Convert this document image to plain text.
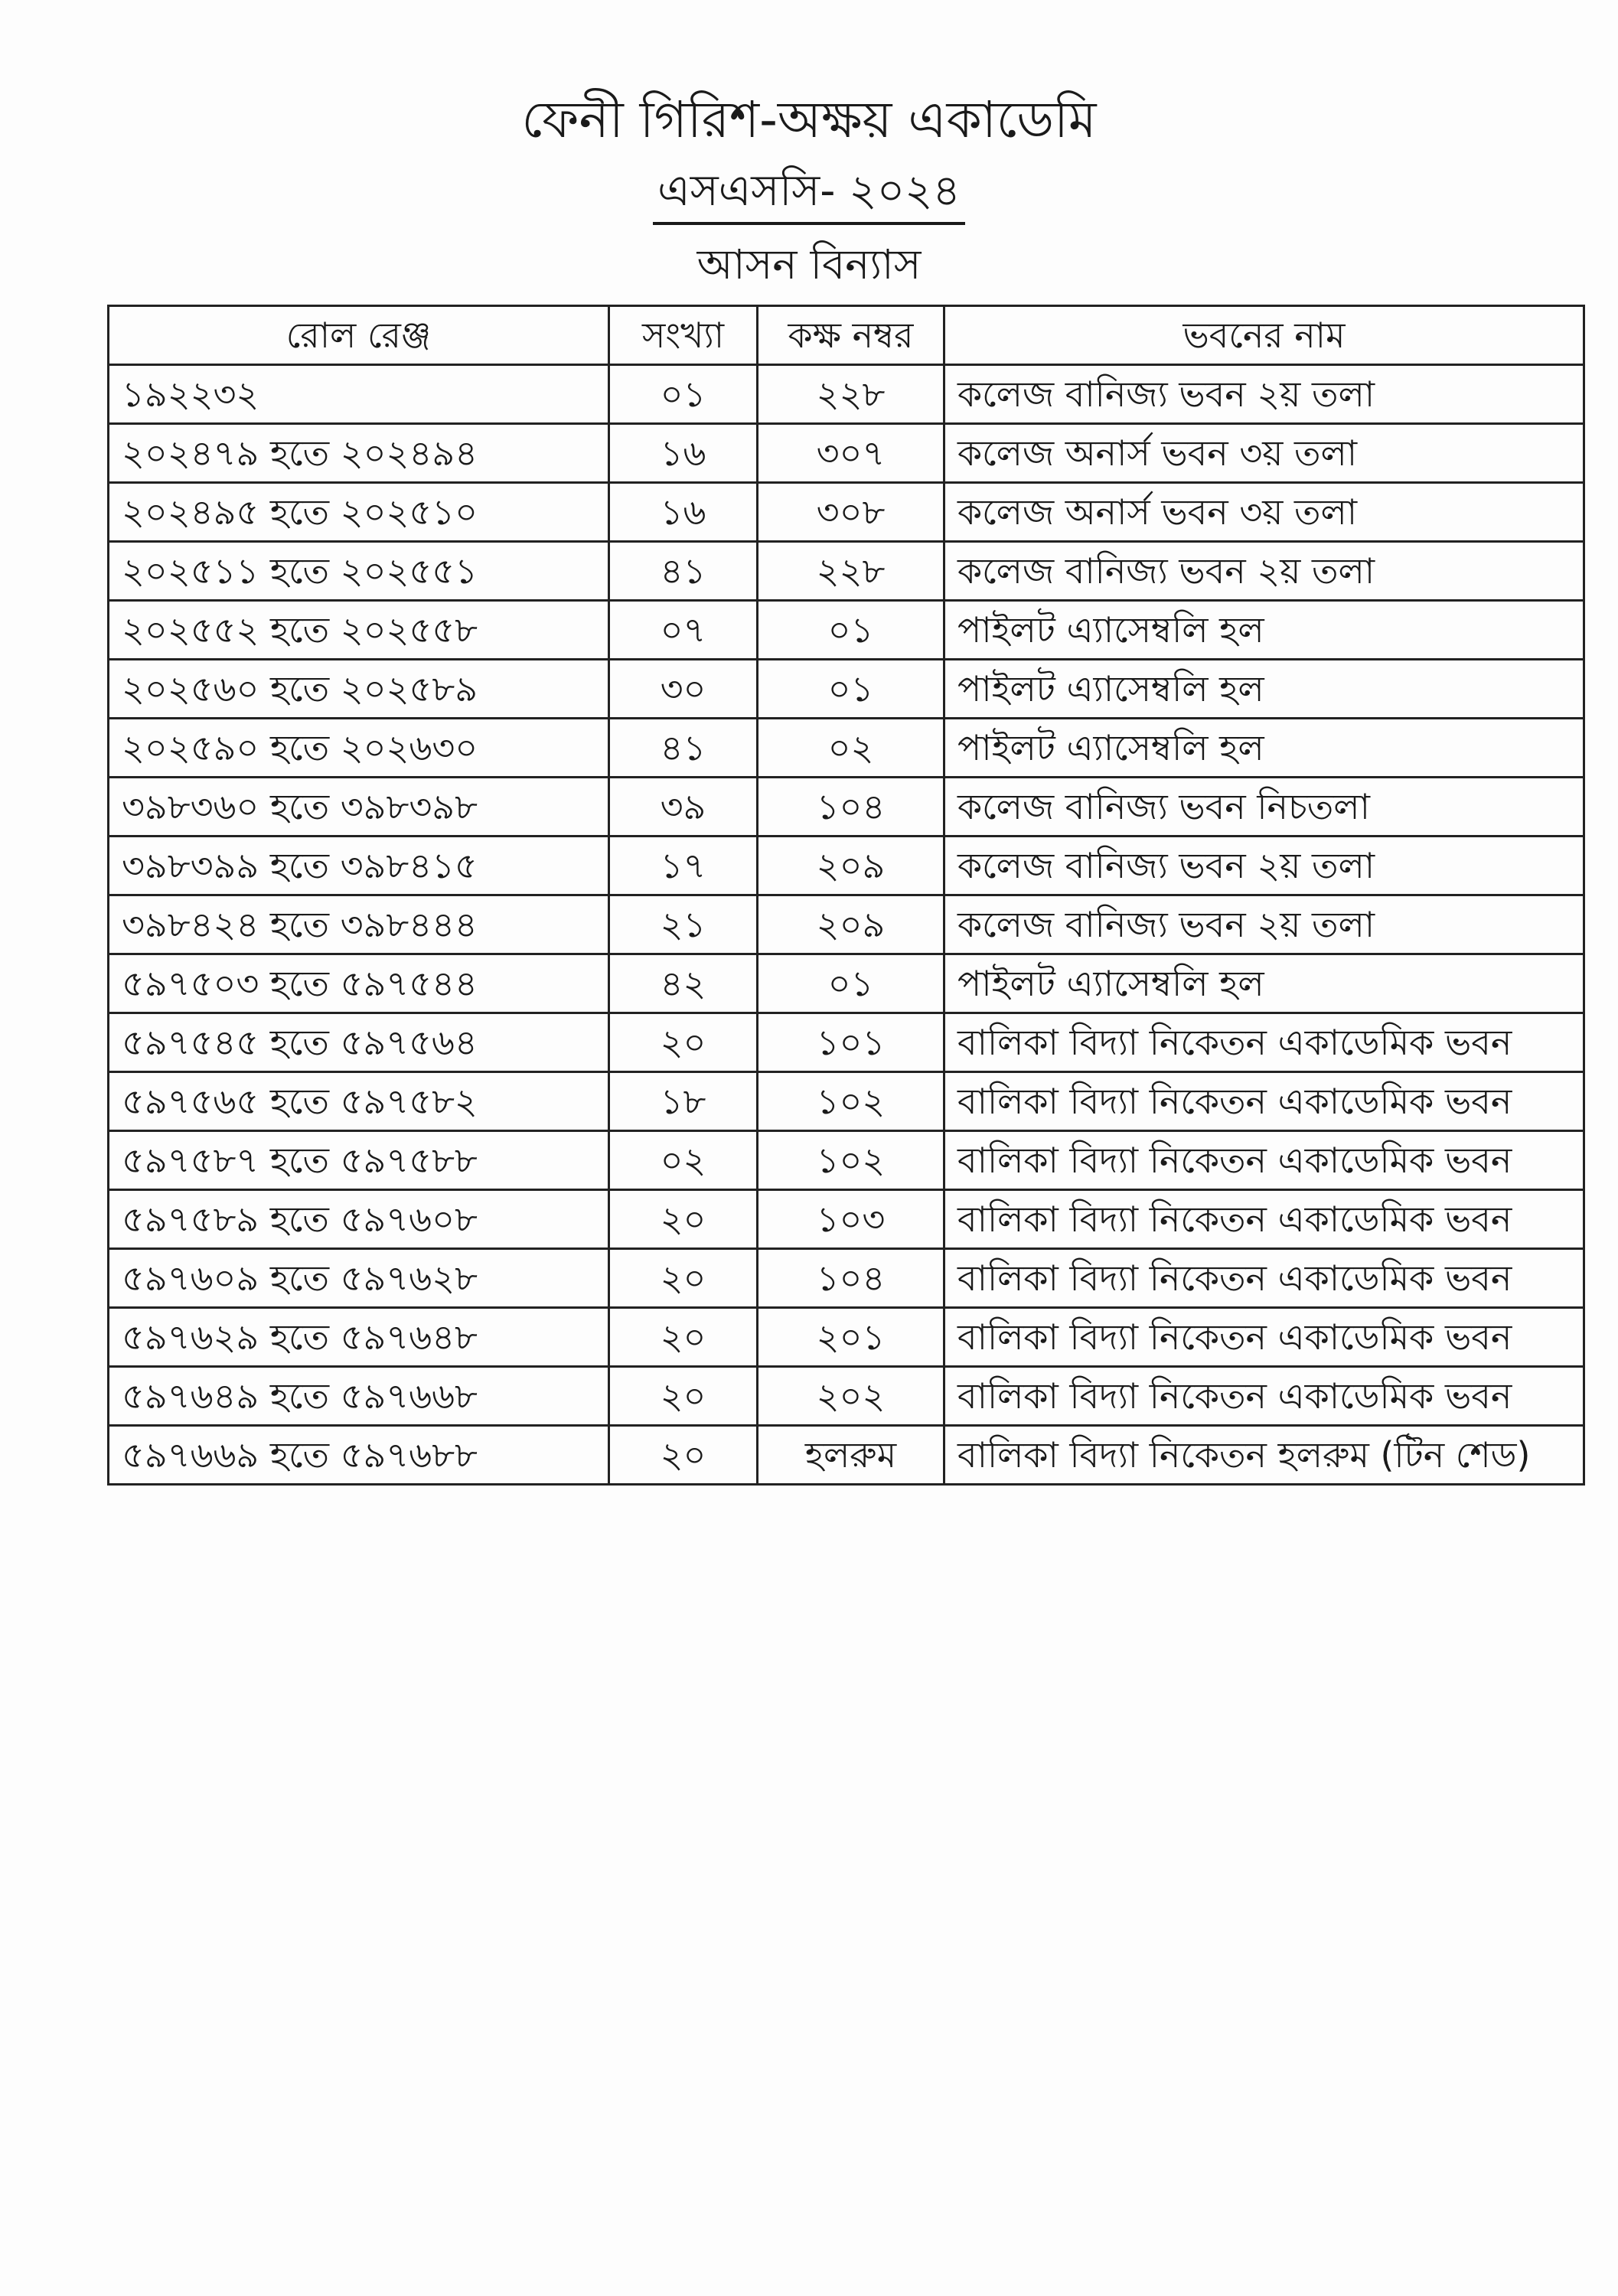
ফেনী গিরিশ-অক্ষয় একাডেমি
এসএসসি- ২০২৪
আসন বিন্যাস
রোল রেঞ্জ	সংখ্যা	কক্ষ নম্বর	ভবনের নাম
১৯২২৩২	০১	২২৮	কলেজ বানিজ্য ভবন ২য় তলা
২০২৪৭৯ হতে ২০২৪৯৪	১৬	৩০৭	কলেজ অনার্স ভবন ৩য় তলা
২০২৪৯৫ হতে ২০২৫১০	১৬	৩০৮	কলেজ অনার্স ভবন ৩য় তলা
২০২৫১১ হতে ২০২৫৫১	৪১	২২৮	কলেজ বানিজ্য ভবন ২য় তলা
২০২৫৫২ হতে ২০২৫৫৮	০৭	০১	পাইলট এ্যাসেম্বলি হল
২০২৫৬০ হতে ২০২৫৮৯	৩০	০১	পাইলট এ্যাসেম্বলি হল
২০২৫৯০ হতে ২০২৬৩০	৪১	০২	পাইলট এ্যাসেম্বলি হল
৩৯৮৩৬০ হতে ৩৯৮৩৯৮	৩৯	১০৪	কলেজ বানিজ্য ভবন নিচতলা
৩৯৮৩৯৯ হতে ৩৯৮৪১৫	১৭	২০৯	কলেজ বানিজ্য ভবন ২য় তলা
৩৯৮৪২৪ হতে ৩৯৮৪৪৪	২১	২০৯	কলেজ বানিজ্য ভবন ২য় তলা
৫৯৭৫০৩ হতে ৫৯৭৫৪৪	৪২	০১	পাইলট এ্যাসেম্বলি হল
৫৯৭৫৪৫ হতে ৫৯৭৫৬৪	২০	১০১	বালিকা বিদ্যা নিকেতন একাডেমিক ভবন
৫৯৭৫৬৫ হতে ৫৯৭৫৮২	১৮	১০২	বালিকা বিদ্যা নিকেতন একাডেমিক ভবন
৫৯৭৫৮৭ হতে ৫৯৭৫৮৮	০২	১০২	বালিকা বিদ্যা নিকেতন একাডেমিক ভবন
৫৯৭৫৮৯ হতে ৫৯৭৬০৮	২০	১০৩	বালিকা বিদ্যা নিকেতন একাডেমিক ভবন
৫৯৭৬০৯ হতে ৫৯৭৬২৮	২০	১০৪	বালিকা বিদ্যা নিকেতন একাডেমিক ভবন
৫৯৭৬২৯ হতে ৫৯৭৬৪৮	২০	২০১	বালিকা বিদ্যা নিকেতন একাডেমিক ভবন
৫৯৭৬৪৯ হতে ৫৯৭৬৬৮	২০	২০২	বালিকা বিদ্যা নিকেতন একাডেমিক ভবন
৫৯৭৬৬৯ হতে ৫৯৭৬৮৮	২০	হলরুম	বালিকা বিদ্যা নিকেতন হলরুম (টিন শেড)
